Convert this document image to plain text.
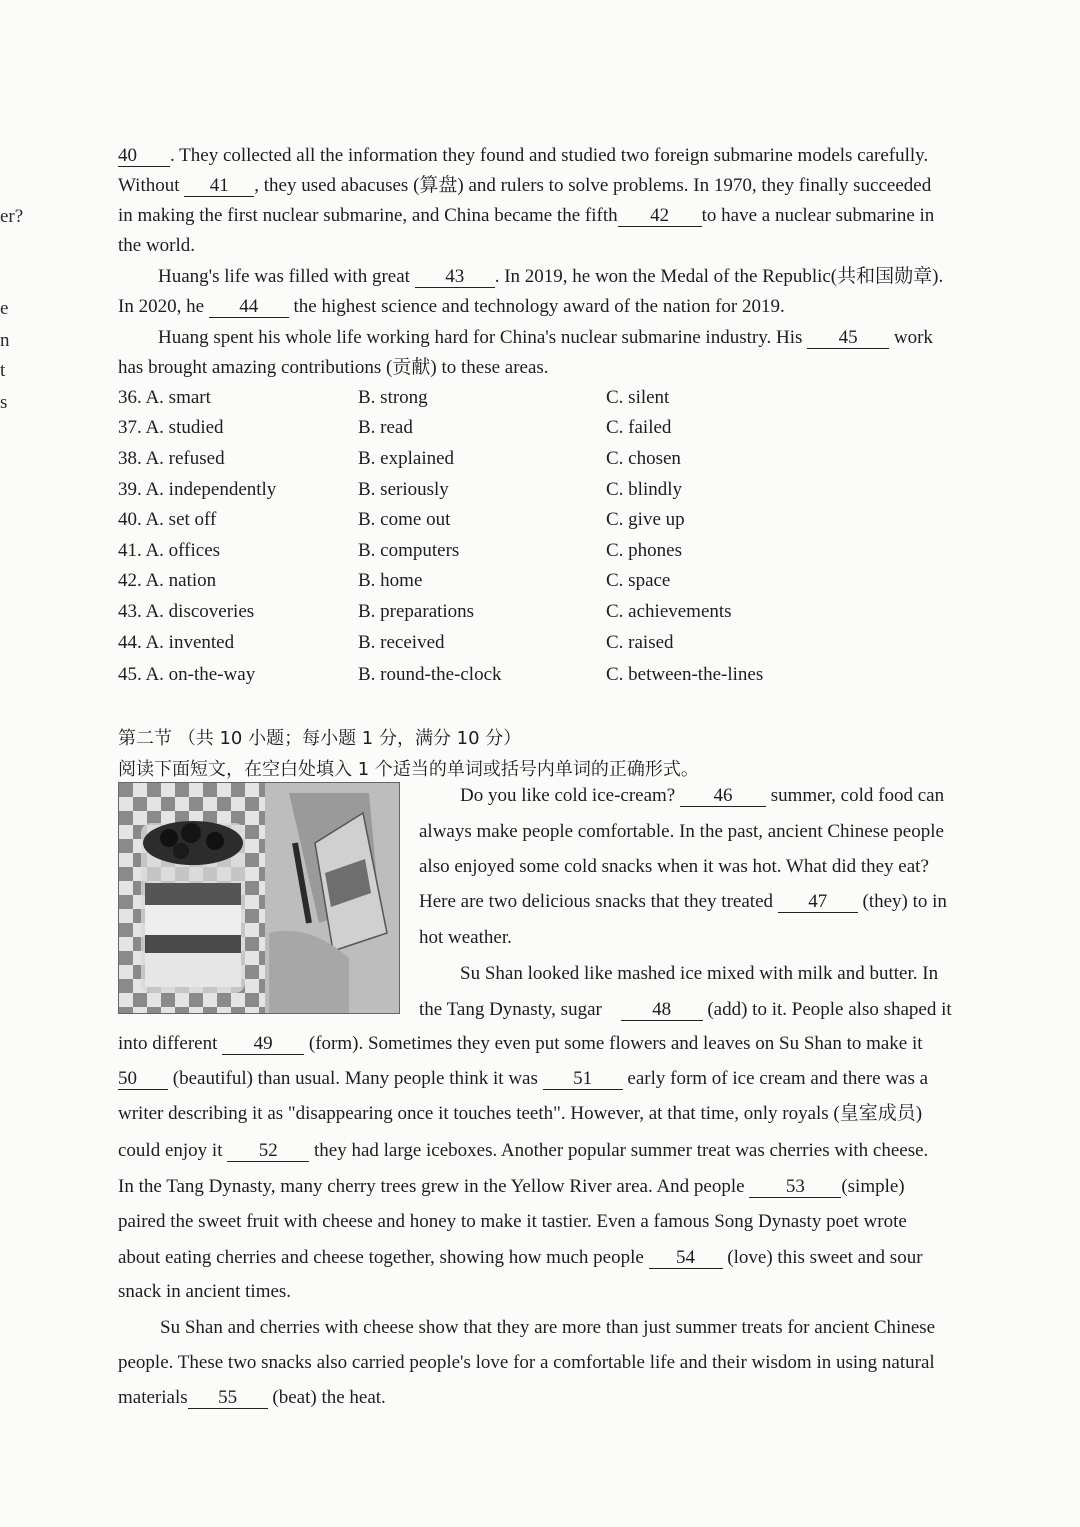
er?
e
n
t
s
40 . They collected all the information they found and studied two foreign submarine models carefully.
Without 41 , they used abacuses (算盘) and rulers to solve problems. In 1970, they finally succeeded
in making the first nuclear submarine, and China became the fifth 42 to have a nuclear submarine in
the world.
Huang's life was filled with great 43 . In 2019, he won the Medal of the Republic(共和国勋章).
In 2020, he 44 the highest science and technology award of the nation for 2019.
Huang spent his whole life working hard for China's nuclear submarine industry. His 45 work
has brought amazing contributions (贡献) to these areas.
36. A. smart	B. strong	C. silent
37. A. studied	B. read	C. failed
38. A. refused	B. explained	C. chosen
39. A. independently	B. seriously	C. blindly
40. A. set off	B. come out	C. give up
41. A. offices	B. computers	C. phones
42. A. nation	B. home	C. space
43. A. discoveries	B. preparations	C. achievements
44. A. invented	B. received	C. raised
45. A. on-the-way	B. round-the-clock	C. between-the-lines
第二节 （共 10 小题；每小题 1 分，满分 10 分）
阅读下面短文，在空白处填入 1 个适当的单词或括号内单词的正确形式。
Do you like cold ice-cream? 46 summer, cold food can
always make people comfortable. In the past, ancient Chinese people
also enjoyed some cold snacks when it was hot. What did they eat?
Here are two delicious snacks that they treated 47 (they) to in
hot weather.
Su Shan looked like mashed ice mixed with milk and butter. In
the Tang Dynasty, sugar	48 (add) to it. People also shaped it
into different 49 (form). Sometimes they even put some flowers and leaves on Su Shan to make it
50 (beautiful) than usual. Many people think it was 51 early form of ice cream and there was a
writer describing it as "disappearing once it touches teeth". However, at that time, only royals (皇室成员)
could enjoy it 52 they had large iceboxes. Another popular summer treat was cherries with cheese.
In the Tang Dynasty, many cherry trees grew in the Yellow River area. And people 53 (simple)
paired the sweet fruit with cheese and honey to make it tastier. Even a famous Song Dynasty poet wrote
about eating cherries and cheese together, showing how much people 54 (love) this sweet and sour
snack in ancient times.
Su Shan and cherries with cheese show that they are more than just summer treats for ancient Chinese
people. These two snacks also carried people's love for a comfortable life and their wisdom in using natural
materials 55 (beat) the heat.
